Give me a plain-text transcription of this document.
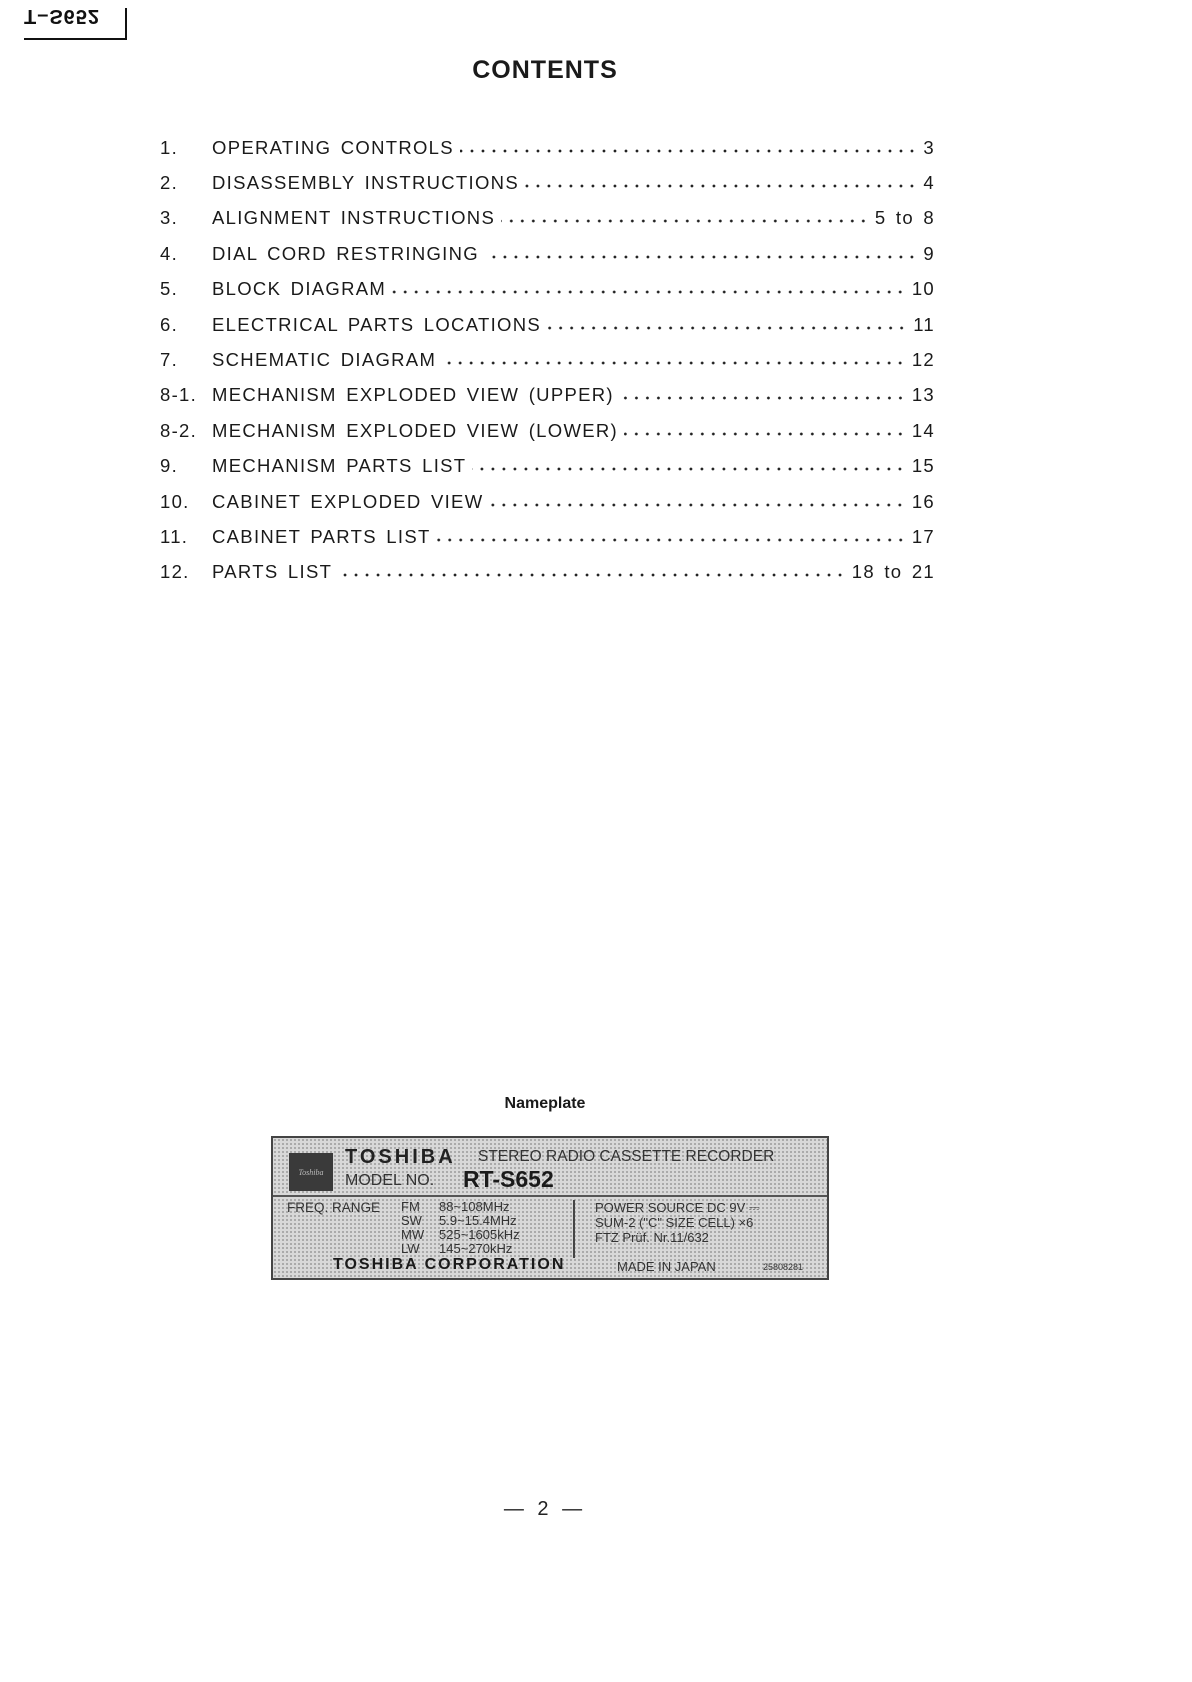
T–S652
CONTENTS
1.	OPERATING CONTROLS	3
2.	DISASSEMBLY INSTRUCTIONS	4
3.	ALIGNMENT INSTRUCTIONS	5 to 8
4.	DIAL CORD RESTRINGING	9
5.	BLOCK DIAGRAM	10
6.	ELECTRICAL PARTS LOCATIONS	11
7.	SCHEMATIC DIAGRAM	12
8-1. MECHANISM EXPLODED VIEW (UPPER)	13
8-2. MECHANISM EXPLODED VIEW (LOWER)	14
9.	MECHANISM PARTS LIST	15
10.	CABINET EXPLODED VIEW	16
11.	CABINET PARTS LIST	17
12.	PARTS LIST	18 to 21
Nameplate
Toshiba
TOSHIBA STEREO RADIO CASSETTE RECORDER
MODEL NO. RT-S652
FREQ. RANGE FM	88~108MHz
SW	5.9~15.4MHz
MW	525~1605kHz
LW	145~270kHz
POWER SOURCE DC 9V ⎓
SUM-2 ("C" SIZE CELL) ×6
FTZ Prüf. Nr.11/632
TOSHIBA CORPORATION	MADE IN JAPAN	25808281
— 2 —
